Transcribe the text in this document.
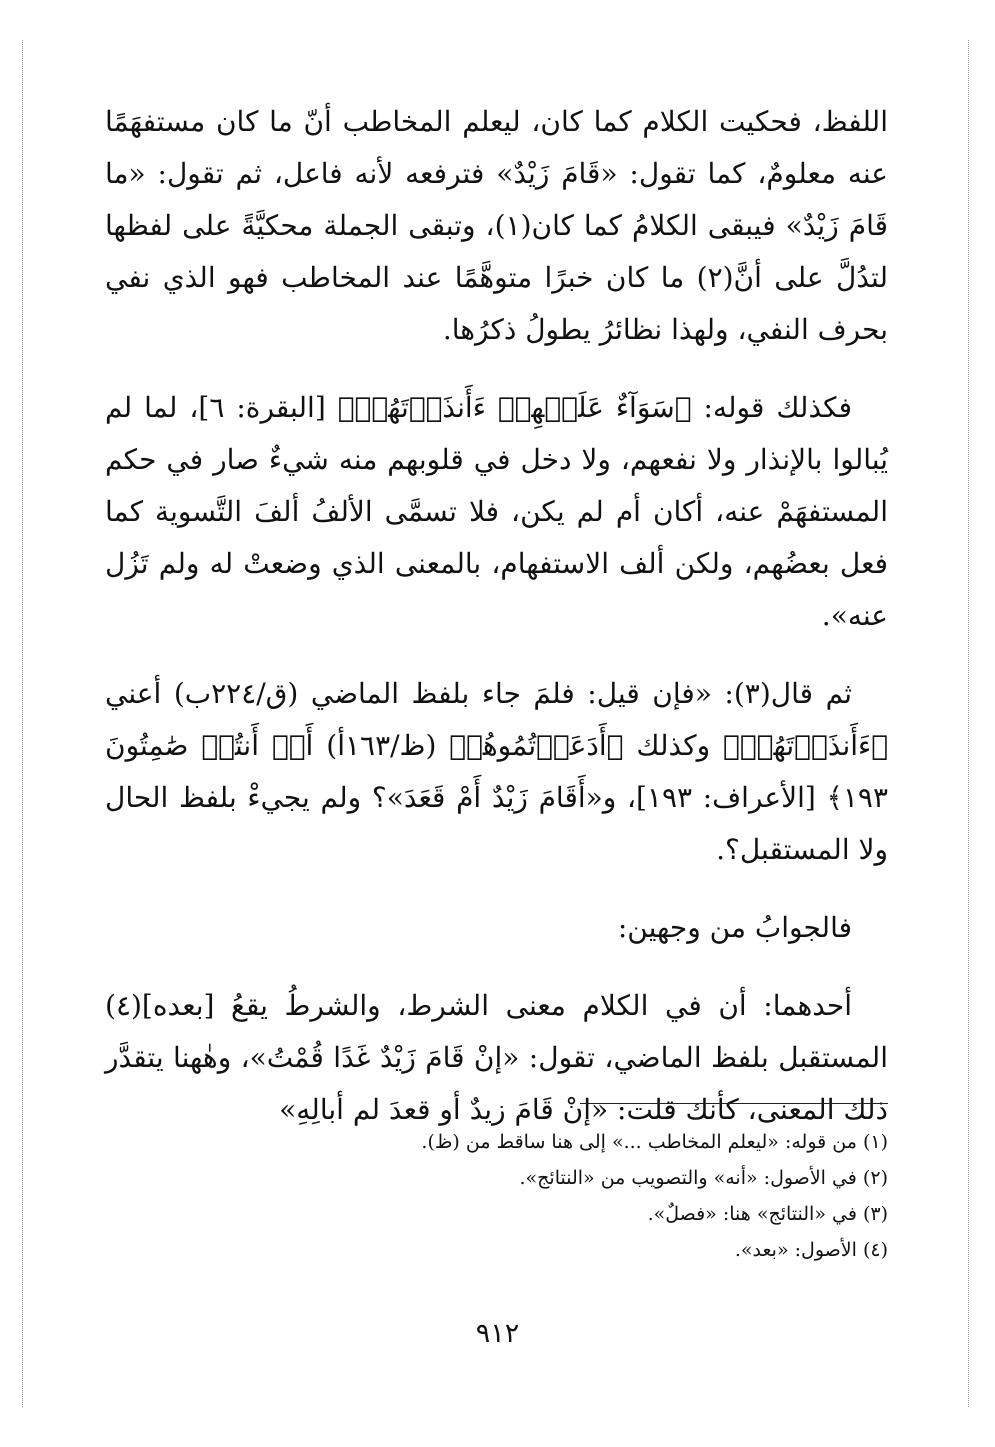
اللفظ، فحكيت الكلام كما كان، ليعلم المخاطب أنّ ما كان مستفهَمًا عنه معلومٌ، كما تقول: «قَامَ زَيْدٌ» فترفعه لأنه فاعل، ثم تقول: «ما قَامَ زَيْدٌ» فيبقى الكلامُ كما كان(١)، وتبقى الجملة محكيَّةً على لفظها لتدُلَّ على أنَّ(٢) ما كان خبرًا متوهَّمًا عند المخاطب فهو الذي نفي بحرف النفي، ولهذا نظائرُ يطولُ ذكرُها.

فكذلك قوله: ﴿سَوَآءٌ عَلَيۡهِمۡ ءَأَنذَرۡتَهُمۡ﴾ [البقرة: ٦]، لما لم يُبالوا بالإنذار ولا نفعهم، ولا دخل في قلوبهم منه شيءٌ صار في حكم المستفهَمْ عنه، أكان أم لم يكن، فلا تسمَّى الألفُ ألفَ التَّسوية كما فعل بعضُهم، ولكن ألف الاستفهام، بالمعنى الذي وضعتْ له ولم تَزُل عنه».

ثم قال(٣): «فإن قيل: فلمَ جاء بلفظ الماضي (ق/٢٢٤ب) أعني ﴿ءَأَنذَرۡتَهُمۡ﴾ وكذلك ﴿أَدَعَوۡتُمُوهُمۡ (ظ/١٦٣أ) أَمۡ أَنتُمۡ صَٰمِتُونَ ١٩٣﴾ [الأعراف: ١٩٣]، و«أَقَامَ زَيْدٌ أَمْ قَعَدَ»؟ ولم يجيءْ بلفظ الحال ولا المستقبل؟.

فالجوابُ من وجهين:

أحدهما: أن في الكلام معنى الشرط، والشرطُ يقعُ [بعده](٤) المستقبل بلفظ الماضي، تقول: «إنْ قَامَ زَيْدٌ غَدًا قُمْتُ»، وهٰهنا يتقدَّر ذلك المعنى، كأنك قلت: «إنْ قَامَ زيدٌ أو قعدَ لم أبالِهِ»

(١) من قوله: «ليعلم المخاطب ...» إلى هنا ساقط من (ظ).

(٢) في الأصول: «أنه» والتصويب من «النتائج».

(٣) في «النتائج» هنا: «فصلٌ».

(٤) الأصول: «بعد».

٩١٢
